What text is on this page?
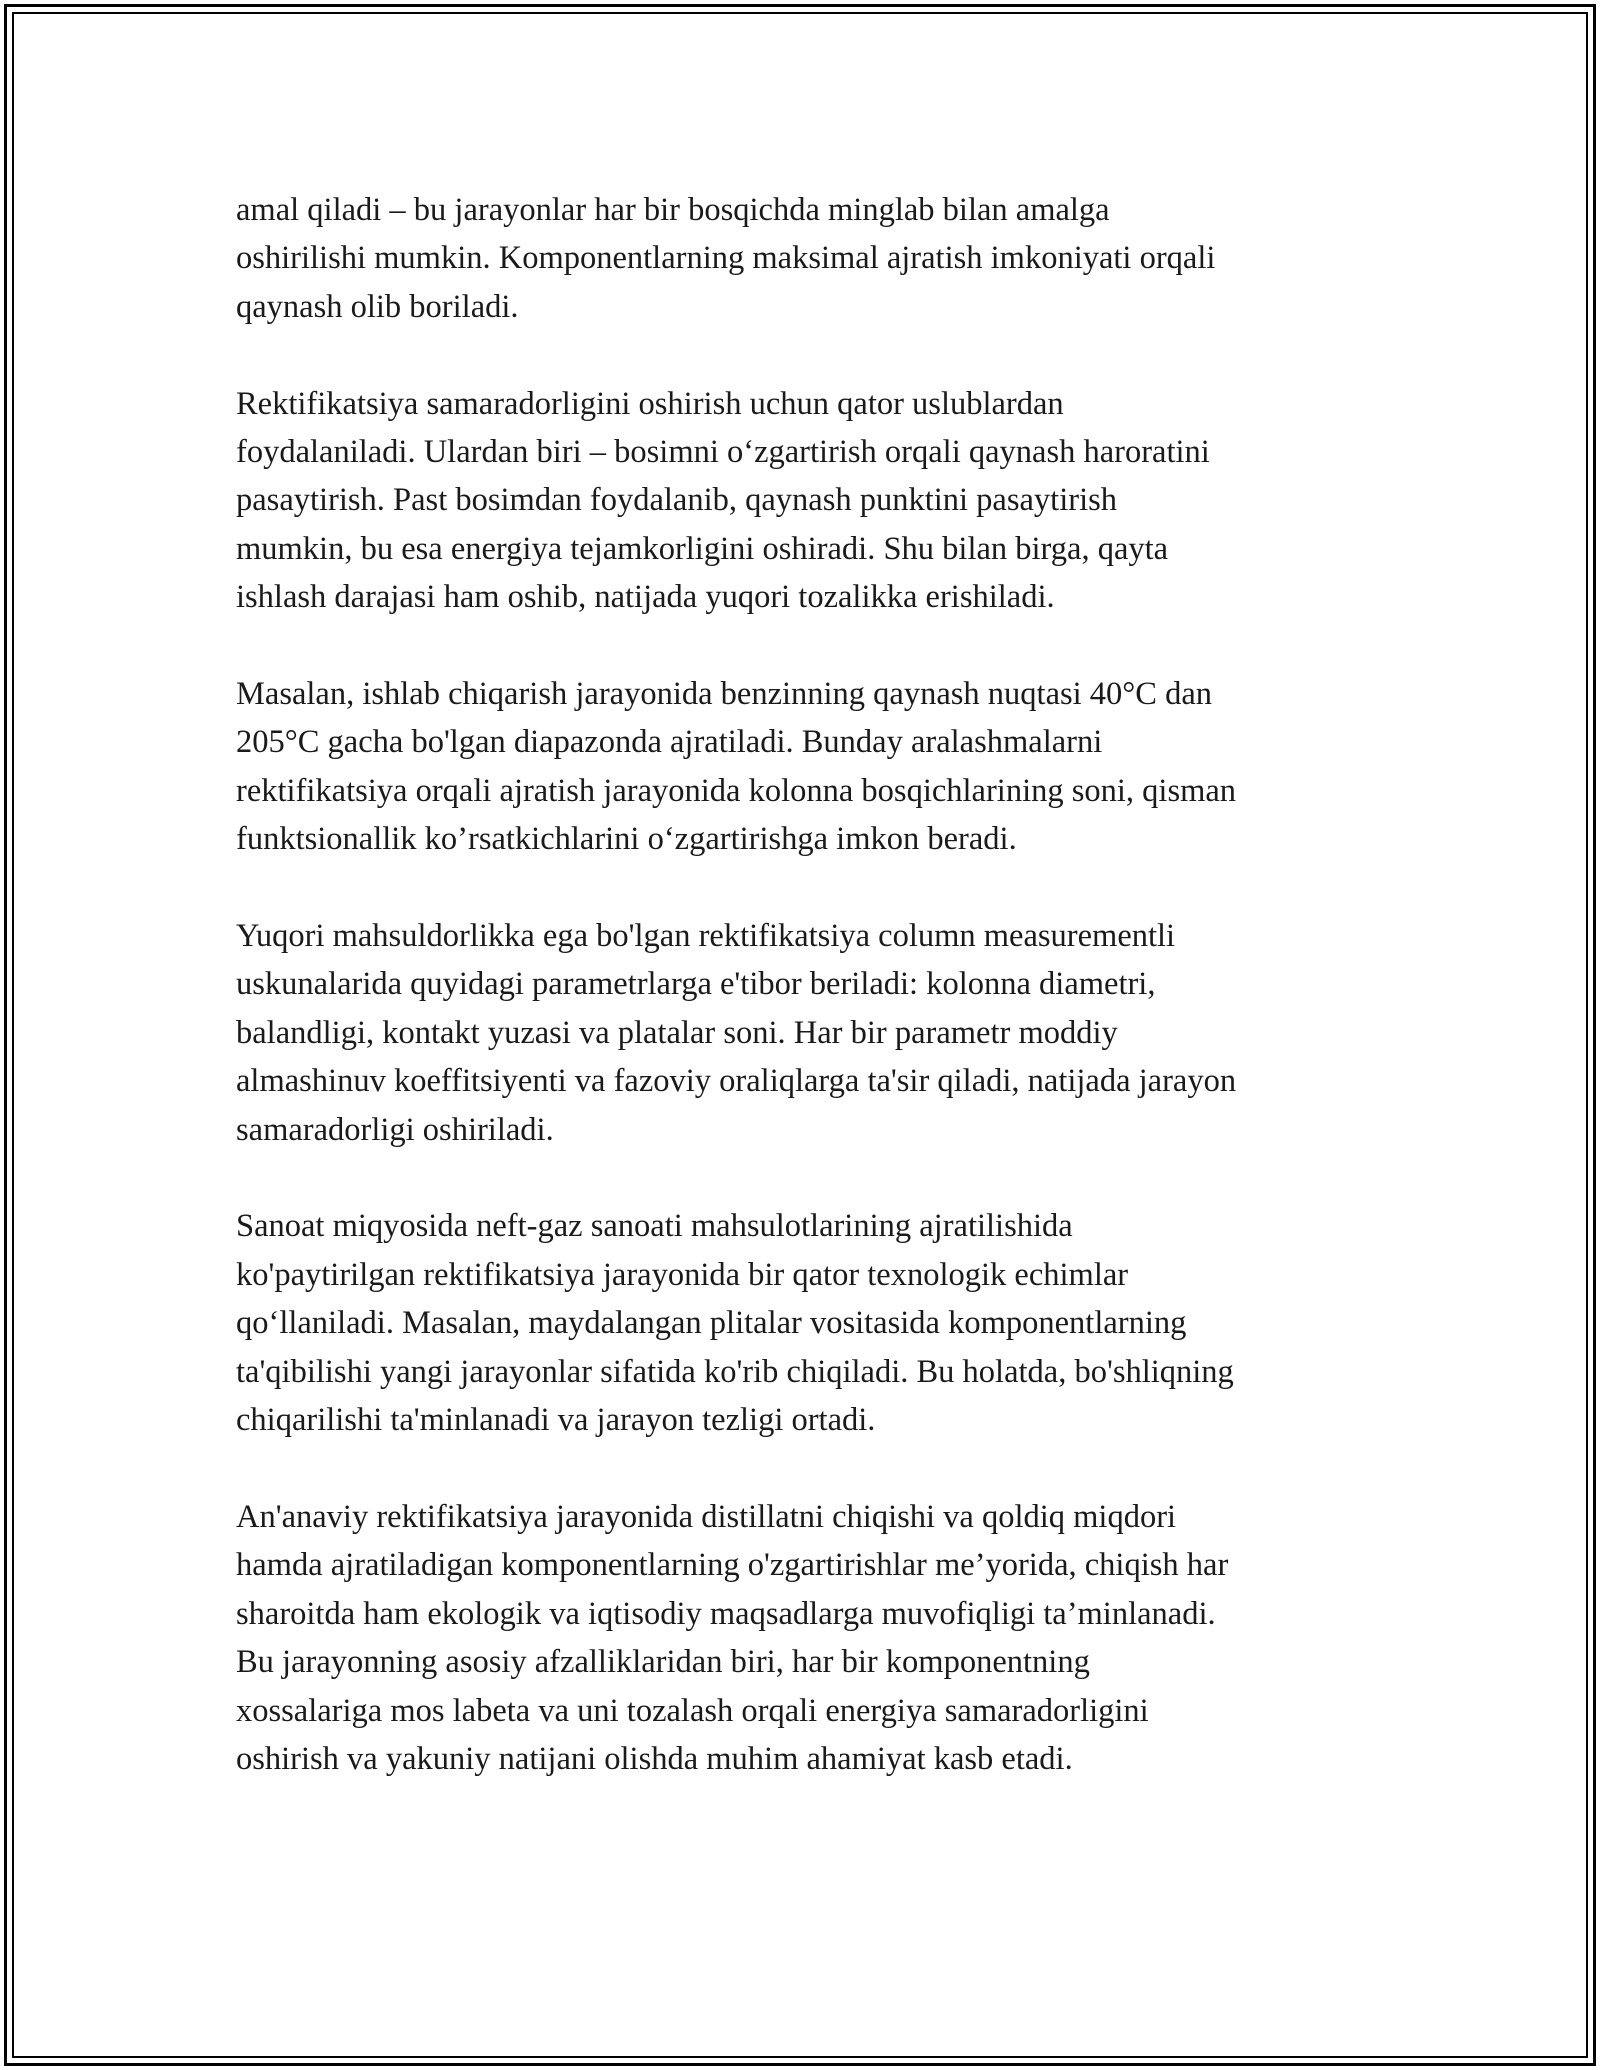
amal qiladi – bu jarayonlar har bir bosqichda minglab bilan amalga
oshirilishi mumkin. Komponentlarning maksimal ajratish imkoniyati orqali
qaynash olib boriladi.

Rektifikatsiya samaradorligini oshirish uchun qator uslublardan
foydalaniladi. Ulardan biri – bosimni o‘zgartirish orqali qaynash haroratini
pasaytirish. Past bosimdan foydalanib, qaynash punktini pasaytirish
mumkin, bu esa energiya tejamkorligini oshiradi. Shu bilan birga, qayta
ishlash darajasi ham oshib, natijada yuqori tozalikka erishiladi.

Masalan, ishlab chiqarish jarayonida benzinning qaynash nuqtasi 40°C dan
205°C gacha bo'lgan diapazonda ajratiladi. Bunday aralashmalarni
rektifikatsiya orqali ajratish jarayonida kolonna bosqichlarining soni, qisman
funktsionallik ko’rsatkichlarini o‘zgartirishga imkon beradi.

Yuqori mahsuldorlikka ega bo'lgan rektifikatsiya column measurementli
uskunalarida quyidagi parametrlarga e'tibor beriladi: kolonna diametri,
balandligi, kontakt yuzasi va platalar soni. Har bir parametr moddiy
almashinuv koeffitsiyenti va fazoviy oraliqlarga ta'sir qiladi, natijada jarayon
samaradorligi oshiriladi.

Sanoat miqyosida neft-gaz sanoati mahsulotlarining ajratilishida
ko'paytirilgan rektifikatsiya jarayonida bir qator texnologik echimlar
qo‘llaniladi. Masalan, maydalangan plitalar vositasida komponentlarning
ta'qibilishi yangi jarayonlar sifatida ko'rib chiqiladi. Bu holatda, bo'shliqning
chiqarilishi ta'minlanadi va jarayon tezligi ortadi.

An'anaviy rektifikatsiya jarayonida distillatni chiqishi va qoldiq miqdori
hamda ajratiladigan komponentlarning o'zgartirishlar me’yorida, chiqish har
sharoitda ham ekologik va iqtisodiy maqsadlarga muvofiqligi ta’minlanadi.
Bu jarayonning asosiy afzalliklaridan biri, har bir komponentning
xossalariga mos labeta va uni tozalash orqali energiya samaradorligini
oshirish va yakuniy natijani olishda muhim ahamiyat kasb etadi.
